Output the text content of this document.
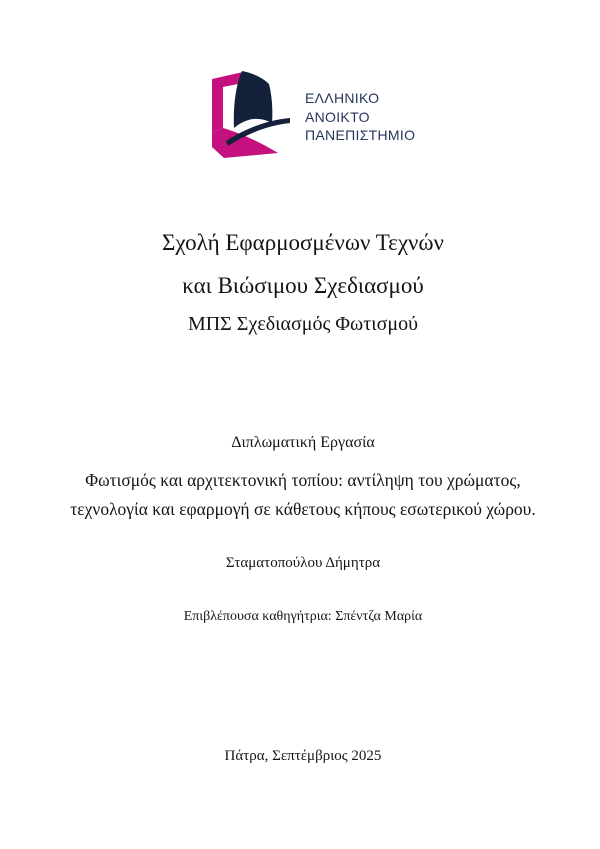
ΕΛΛΗΝΙΚΟ
ΑΝΟΙΚΤΟ
ΠΑΝΕΠΙΣΤΗΜΙΟ
Σχολή Εφαρμοσμένων Τεχνών
και Βιώσιμου Σχεδιασμού
ΜΠΣ Σχεδιασμός Φωτισμού
Διπλωματική Εργασία
Φωτισμός και αρχιτεκτονική τοπίου: αντίληψη του χρώματος,
τεχνολογία και εφαρμογή σε κάθετους κήπους εσωτερικού χώρου.
Σταματοπούλου Δήμητρα
Επιβλέπουσα καθηγήτρια: Σπέντζα Μαρία
Πάτρα, Σεπτέμβριος 2025
